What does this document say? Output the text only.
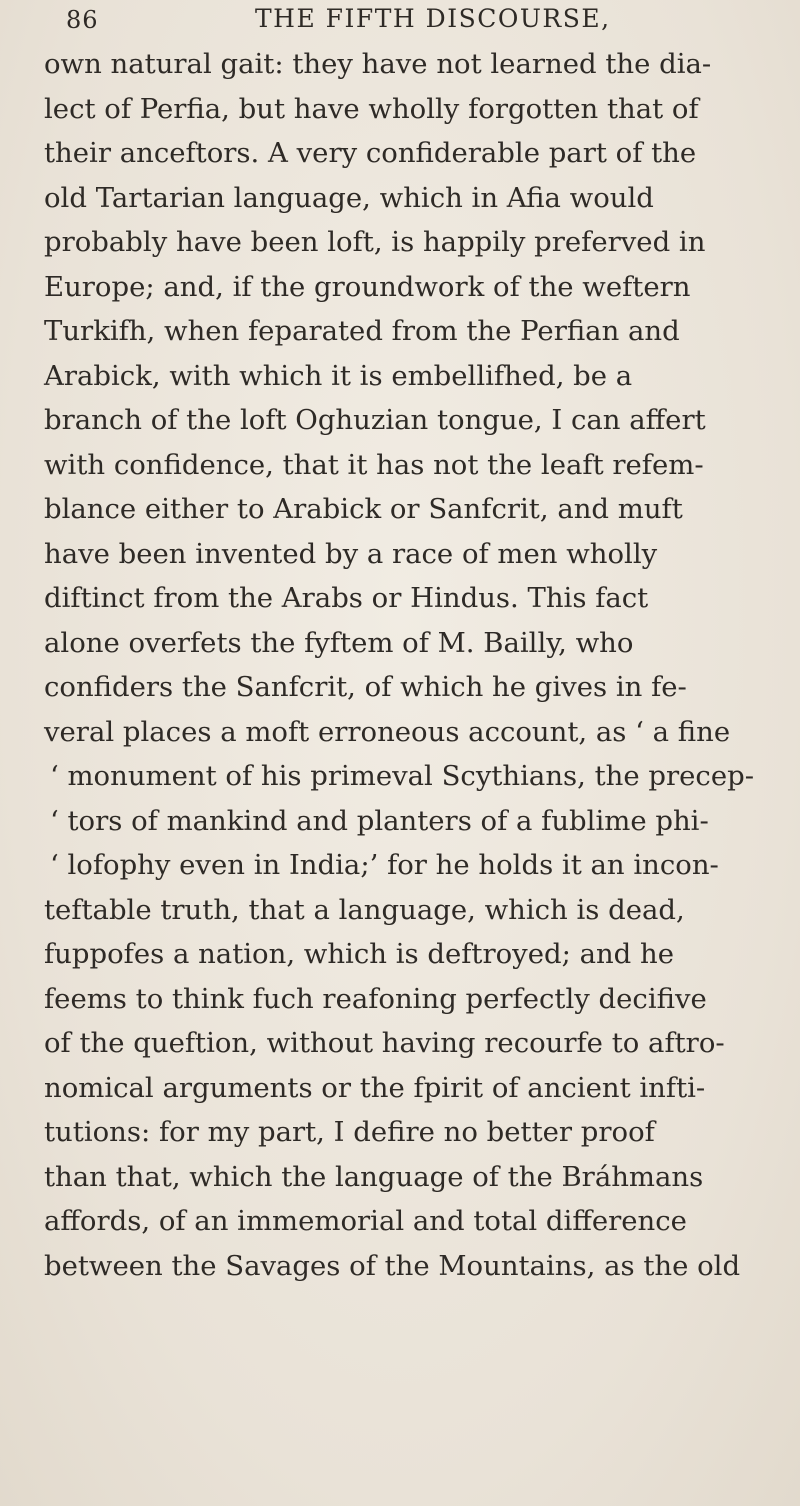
86	THE FIFTH DISCOURSE,
own natural gait: they have not learned the dia-
lect of Perfia, but have wholly forgotten that of
their anceftors. A very confiderable part of the
old Tartarian language, which in Afia would
probably have been loft, is happily preferved in
Europe; and, if the groundwork of the weftern
Turkifh, when feparated from the Perfian and
Arabick, with which it is embellifhed, be a
branch of the loft Oghuzian tongue, I can affert
with confidence, that it has not the leaft refem-
blance either to Arabick or Sanfcrit, and muft
have been invented by a race of men wholly
diftinct from the Arabs or Hindus. This fact
alone overfets the fyftem of M. Bailly, who
confiders the Sanfcrit, of which he gives in fe-
veral places a moft erroneous account, as ‘ a fine
‘ monument of his primeval Scythians, the precep-
‘ tors of mankind and planters of a fublime phi-
‘ lofophy even in India;’ for he holds it an incon-
teftable truth, that a language, which is dead,
fuppofes a nation, which is deftroyed; and he
feems to think fuch reafoning perfectly decifive
of the queftion, without having recourfe to aftro-
nomical arguments or the fpirit of ancient infti-
tutions: for my part, I defire no better proof
than that, which the language of the Bráhmans
affords, of an immemorial and total difference
between the Savages of the Mountains, as the old
